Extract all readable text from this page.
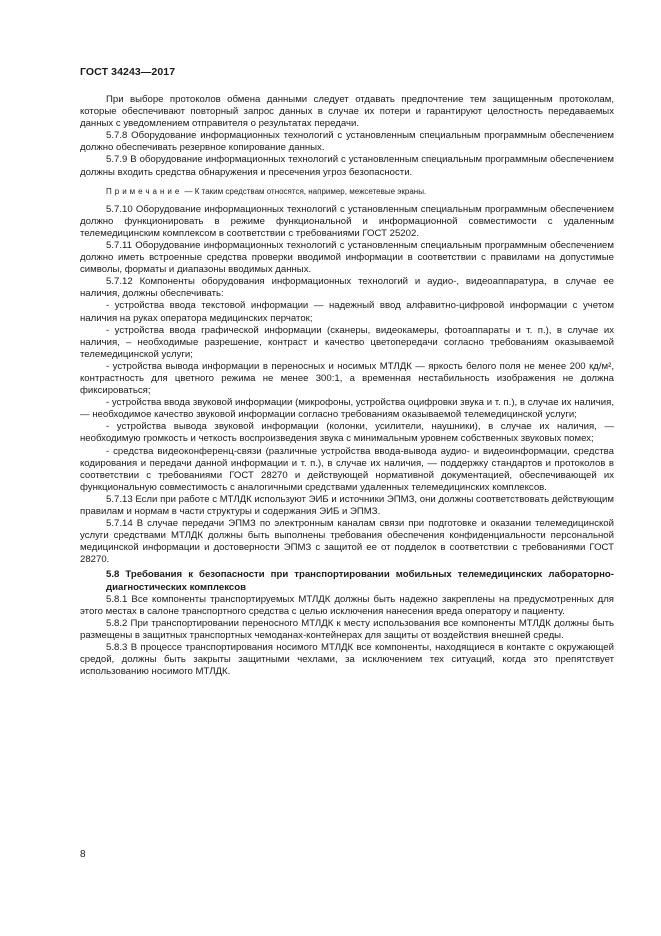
ГОСТ 34243—2017

При выборе протоколов обмена данными следует отдавать предпочтение тем защищенным протоколам, которые обеспечивают повторный запрос данных в случае их потери и гарантируют целостность передаваемых данных с уведомлением отправителя о результатах передачи.

5.7.8 Оборудование информационных технологий с установленным специальным программным обеспечением должно обеспечивать резервное копирование данных.

5.7.9 В оборудование информационных технологий с установленным специальным программным обеспечением должны входить средства обнаружения и пресечения угроз безопасности.

Примечание — К таким средствам относятся, например, межсетевые экраны.

5.7.10 Оборудование информационных технологий с установленным специальным программным обеспечением должно функционировать в режиме функциональной и информационной совместимости с удаленным телемедицинским комплексом в соответствии с требованиями ГОСТ 25202.

5.7.11 Оборудование информационных технологий с установленным специальным программным обеспечением должно иметь встроенные средства проверки вводимой информации в соответствии с правилами на допустимые символы, форматы и диапазоны вводимых данных.

5.7.12 Компоненты оборудования информационных технологий и аудио-, видеоаппаратура, в случае ее наличия, должны обеспечивать:

- устройства ввода текстовой информации — надежный ввод алфавитно-цифровой информации с учетом наличия на руках оператора медицинских перчаток;

- устройства ввода графической информации (сканеры, видеокамеры, фотоаппараты и т. п.), в случае их наличия, – необходимые разрешение, контраст и качество цветопередачи согласно требованиям оказываемой телемедицинской услуги;

- устройства вывода информации в переносных и носимых МТЛДК — яркость белого поля не менее 200 кд/м², контрастность для цветного режима не менее 300:1, а временная нестабильность изображения не должна фиксироваться;

- устройства ввода звуковой информации (микрофоны, устройства оцифровки звука и т. п.), в случае их наличия, — необходимое качество звуковой информации согласно требованиям оказываемой телемедицинской услуги;

- устройства вывода звуковой информации (колонки, усилители, наушники), в случае их наличия, — необходимую громкость и четкость воспроизведения звука с минимальным уровнем собственных звуковых помех;

- средства видеоконференц-связи (различные устройства ввода-вывода аудио- и видеоинформации, средства кодирования и передачи данной информации и т. п.), в случае их наличия, — поддержку стандартов и протоколов в соответствии с требованиями ГОСТ 28270 и действующей нормативной документацией, обеспечивающей их функциональную совместимость с аналогичными средствами удаленных телемедицинских комплексов.

5.7.13 Если при работе с МТЛДК используют ЭИБ и источники ЭПМЗ, они должны соответствовать действующим правилам и нормам в части структуры и содержания ЭИБ и ЭПМЗ.

5.7.14 В случае передачи ЭПМЗ по электронным каналам связи при подготовке и оказании телемедицинской услуги средствами МТЛДК должны быть выполнены требования обеспечения конфиденциальности персональной медицинской информации и достоверности ЭПМЗ с защитой ее от подделок в соответствии с требованиями ГОСТ 28270.

5.8 Требования к безопасности при транспортировании мобильных телемедицинских лабораторно-диагностических комплексов

5.8.1 Все компоненты транспортируемых МТЛДК должны быть надежно закреплены на предусмотренных для этого местах в салоне транспортного средства с целью исключения нанесения вреда оператору и пациенту.

5.8.2 При транспортировании переносного МТЛДК к месту использования все компоненты МТЛДК должны быть размещены в защитных транспортных чемоданах-контейнерах для защиты от воздействия внешней среды.

5.8.3 В процессе транспортирования носимого МТЛДК все компоненты, находящиеся в контакте с окружающей средой, должны быть закрыты защитными чехлами, за исключением тех ситуаций, когда это препятствует использованию носимого МТЛДК.

8
